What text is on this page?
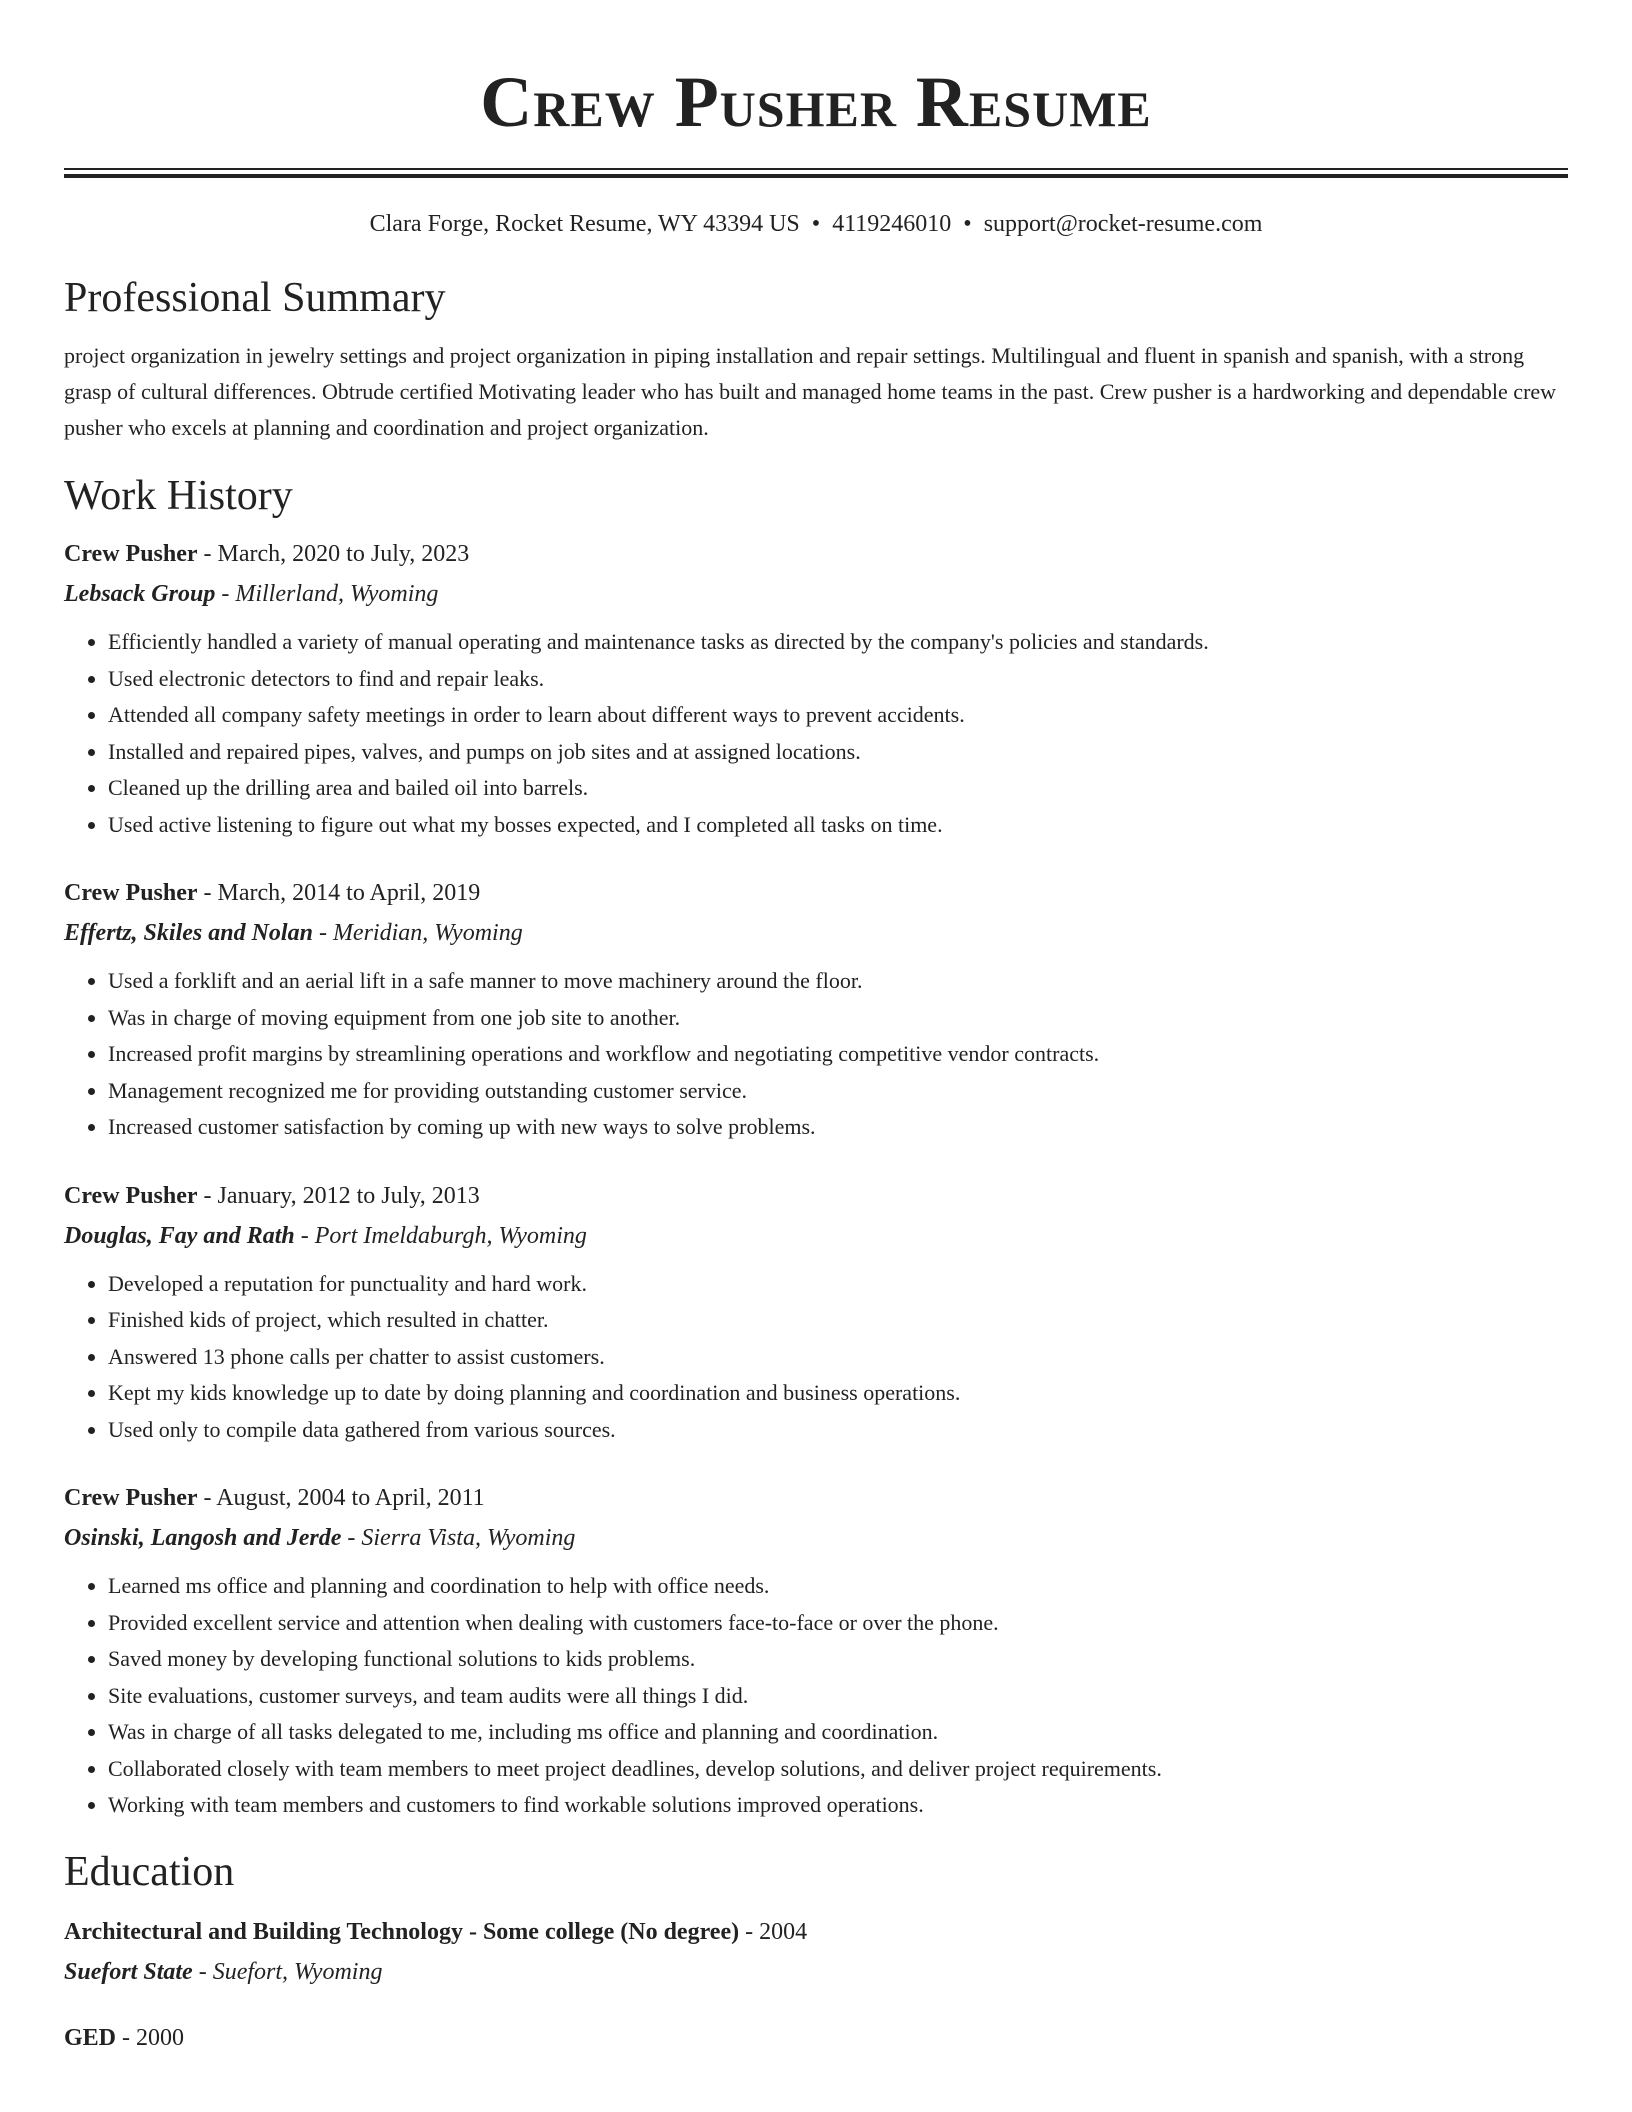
Crew Pusher Resume
Clara Forge, Rocket Resume, WY 43394 US • 4119246010 • support@rocket-resume.com
Professional Summary

project organization in jewelry settings and project organization in piping installation and repair settings. Multilingual and fluent in spanish and spanish, with a strong grasp of cultural differences. Obtrude certified Motivating leader who has built and managed home teams in the past. Crew pusher is a hardworking and dependable crew pusher who excels at planning and coordination and project organization.

Work History
Crew Pusher - March, 2020 to July, 2023
Lebsack Group - Millerland, Wyoming
• Efficiently handled a variety of manual operating and maintenance tasks as directed by the company's policies and standards.
• Used electronic detectors to find and repair leaks.
• Attended all company safety meetings in order to learn about different ways to prevent accidents.
• Installed and repaired pipes, valves, and pumps on job sites and at assigned locations.
• Cleaned up the drilling area and bailed oil into barrels.
• Used active listening to figure out what my bosses expected, and I completed all tasks on time.
Crew Pusher - March, 2014 to April, 2019
Effertz, Skiles and Nolan - Meridian, Wyoming
• Used a forklift and an aerial lift in a safe manner to move machinery around the floor.
• Was in charge of moving equipment from one job site to another.
• Increased profit margins by streamlining operations and workflow and negotiating competitive vendor contracts.
• Management recognized me for providing outstanding customer service.
• Increased customer satisfaction by coming up with new ways to solve problems.
Crew Pusher - January, 2012 to July, 2013
Douglas, Fay and Rath - Port Imeldaburgh, Wyoming
• Developed a reputation for punctuality and hard work.
• Finished kids of project, which resulted in chatter.
• Answered 13 phone calls per chatter to assist customers.
• Kept my kids knowledge up to date by doing planning and coordination and business operations.
• Used only to compile data gathered from various sources.
Crew Pusher - August, 2004 to April, 2011
Osinski, Langosh and Jerde - Sierra Vista, Wyoming
• Learned ms office and planning and coordination to help with office needs.
• Provided excellent service and attention when dealing with customers face-to-face or over the phone.
• Saved money by developing functional solutions to kids problems.
• Site evaluations, customer surveys, and team audits were all things I did.
• Was in charge of all tasks delegated to me, including ms office and planning and coordination.
• Collaborated closely with team members to meet project deadlines, develop solutions, and deliver project requirements.
• Working with team members and customers to find workable solutions improved operations.
Education
Architectural and Building Technology - Some college (No degree) - 2004
Suefort State - Suefort, Wyoming
GED - 2000
